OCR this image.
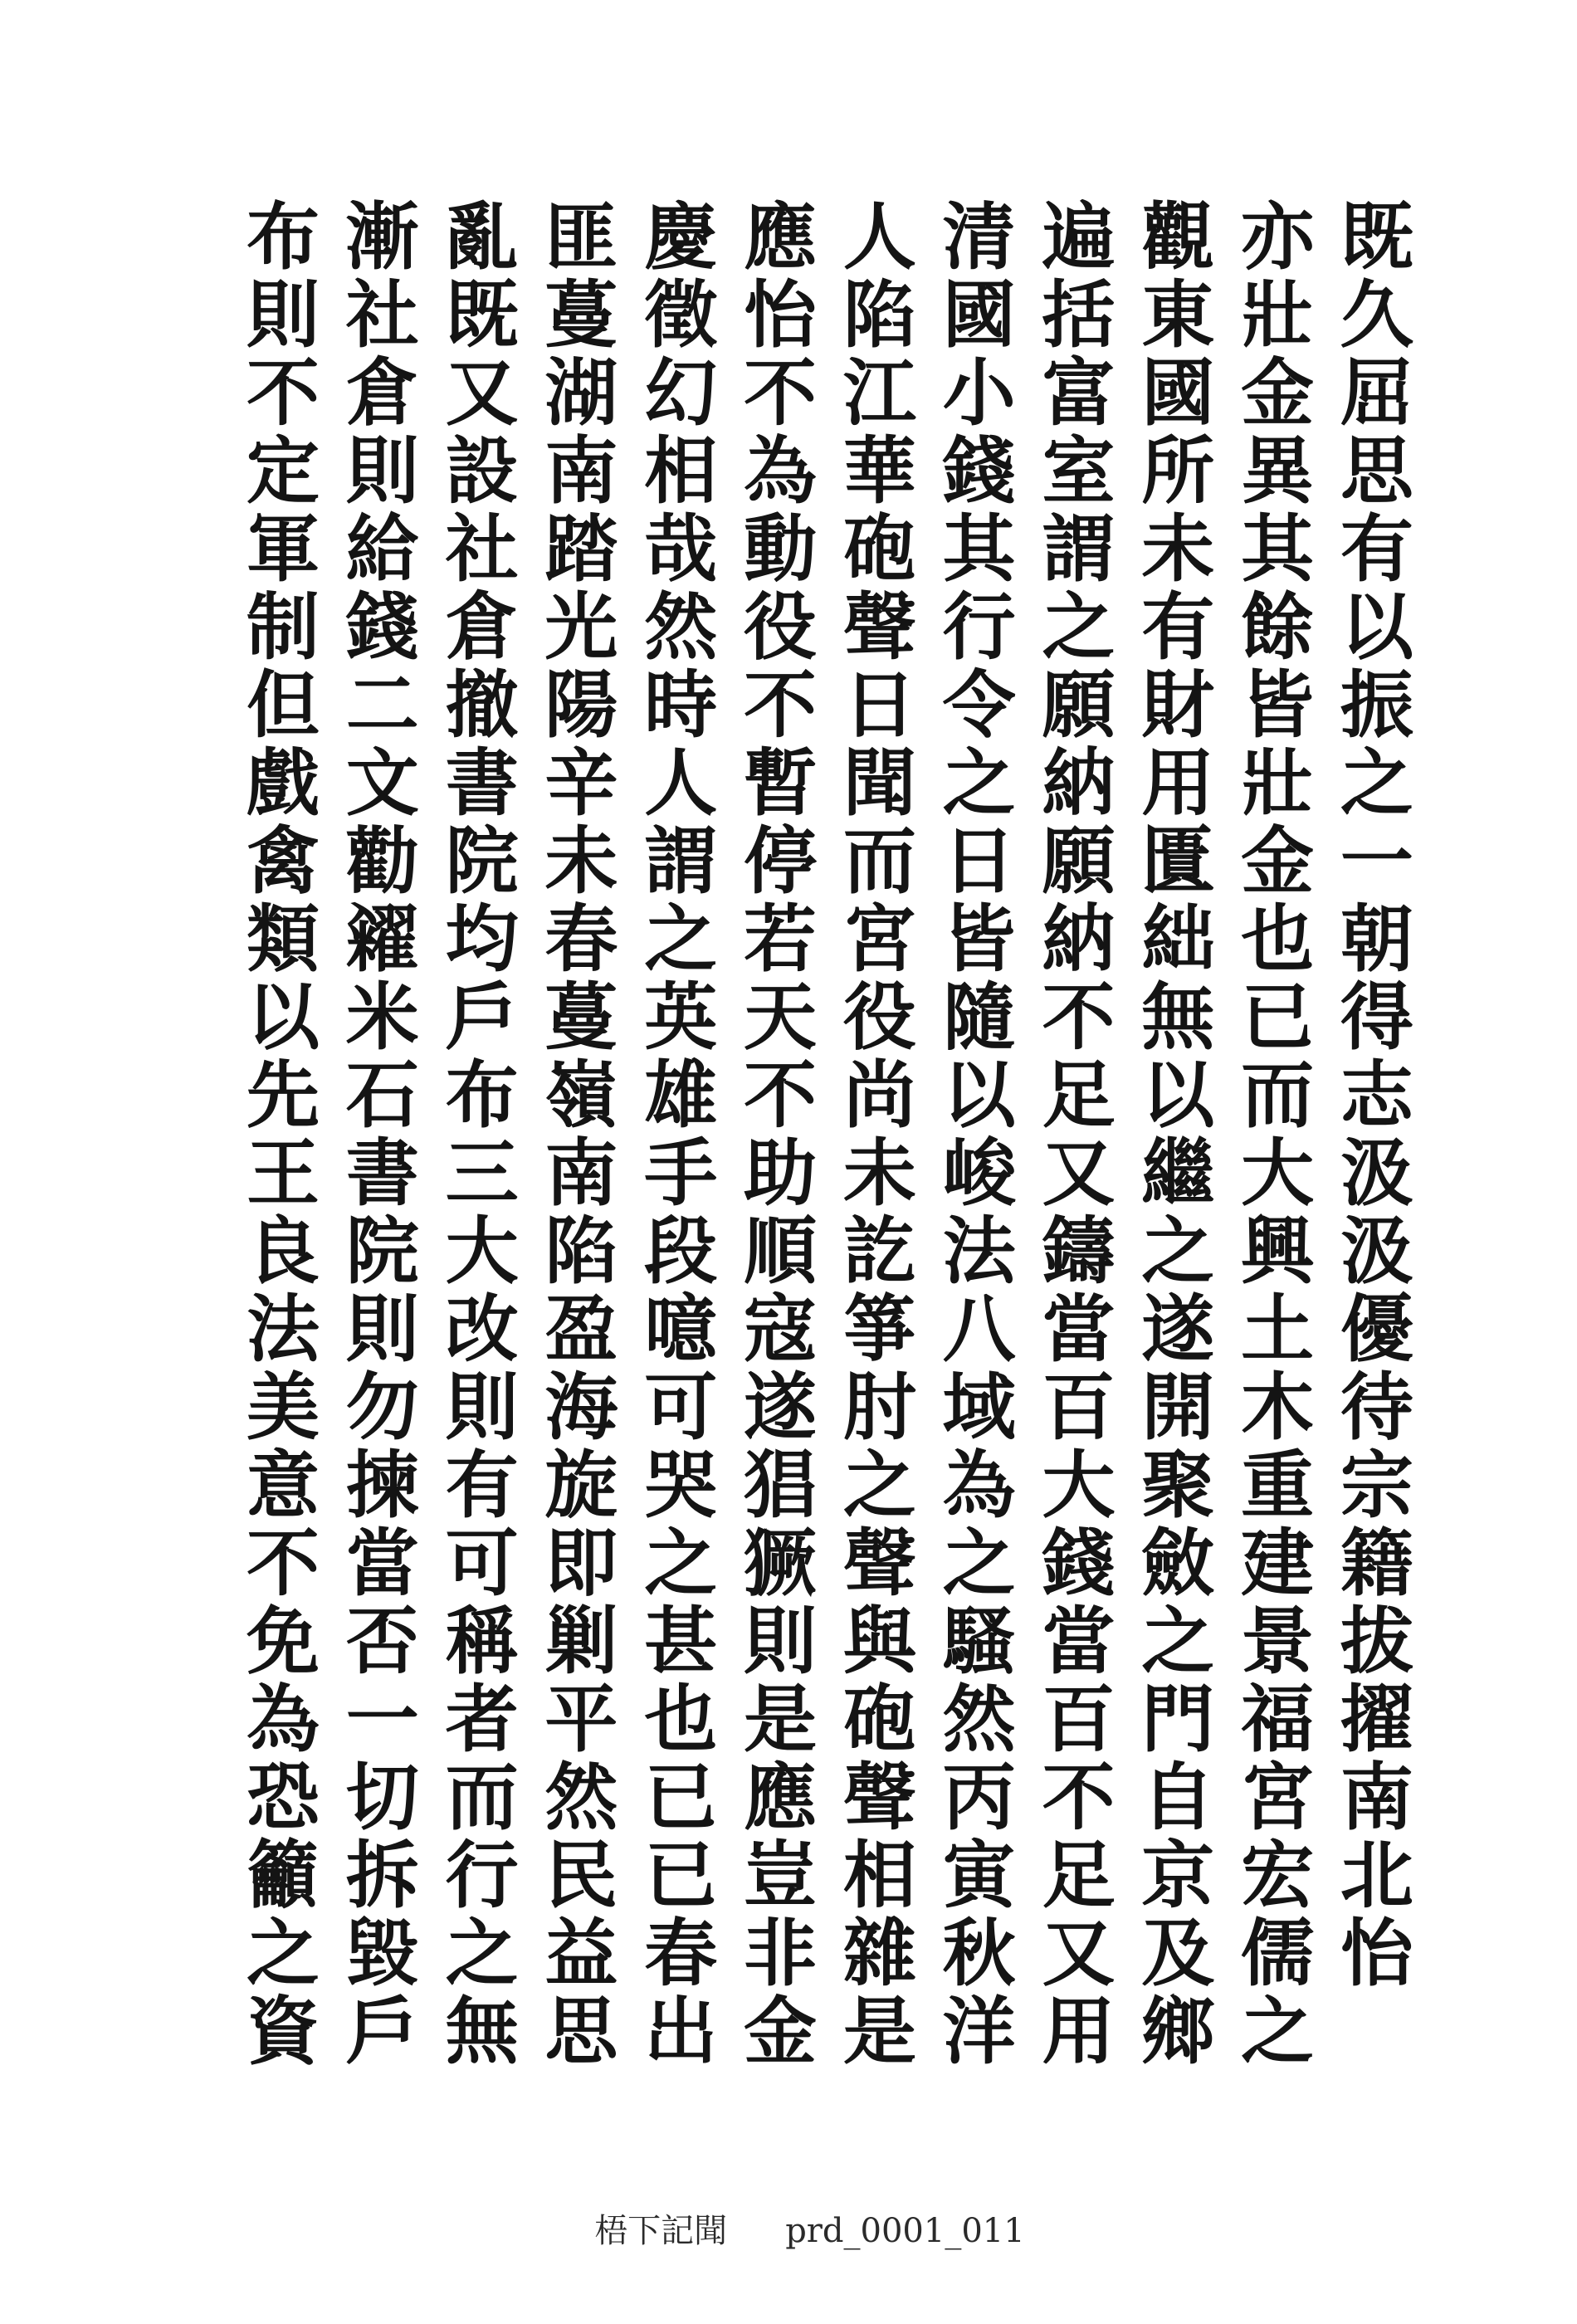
既
久
屈
思
有
以
振
之
一
朝
得
志
汲
汲
優
待
宗
籍
拔
擢
南
北
怡
亦
壯
金
異
其
餘
皆
壯
金
也
已
而
大
興
土
木
重
建
景
福
宮
宏
儒
之
觀
東
國
所
未
有
財
用
匱
絀
無
以
繼
之
遂
開
聚
斂
之
門
自
京
及
鄉
遍
括
富
室
謂
之
願
納
願
納
不
足
又
鑄
當
百
大
錢
當
百
不
足
又
用
清
國
小
錢
其
行
令
之
日
皆
隨
以
峻
法
八
域
為
之
騷
然
丙
寅
秋
洋
人
陷
江
華
砲
聲
日
聞
而
宮
役
尚
未
訖
箏
肘
之
聲
與
砲
聲
相
雜
是
應
怡
不
為
動
役
不
暫
停
若
天
不
助
順
寇
遂
猖
獗
則
是
應
豈
非
金
慶
徵
幻
相
哉
然
時
人
謂
之
英
雄
手
段
噫
可
哭
之
甚
也
已
已
春
出
匪
蔓
湖
南
踏
光
陽
辛
未
春
蔓
嶺
南
陷
盈
海
旋
即
剿
平
然
民
益
思
亂
既
又
設
社
倉
撤
書
院
均
戶
布
三
大
改
則
有
可
稱
者
而
行
之
無
漸
社
倉
則
給
錢
二
文
勸
糴
米
石
書
院
則
勿
揀
當
否
一
切
拆
毀
戶
布
則
不
定
軍
制
但
戲
禽
類
以
先
王
良
法
美
意
不
免
為
恐
籲
之
資

梧下記聞 prd_0001_011
